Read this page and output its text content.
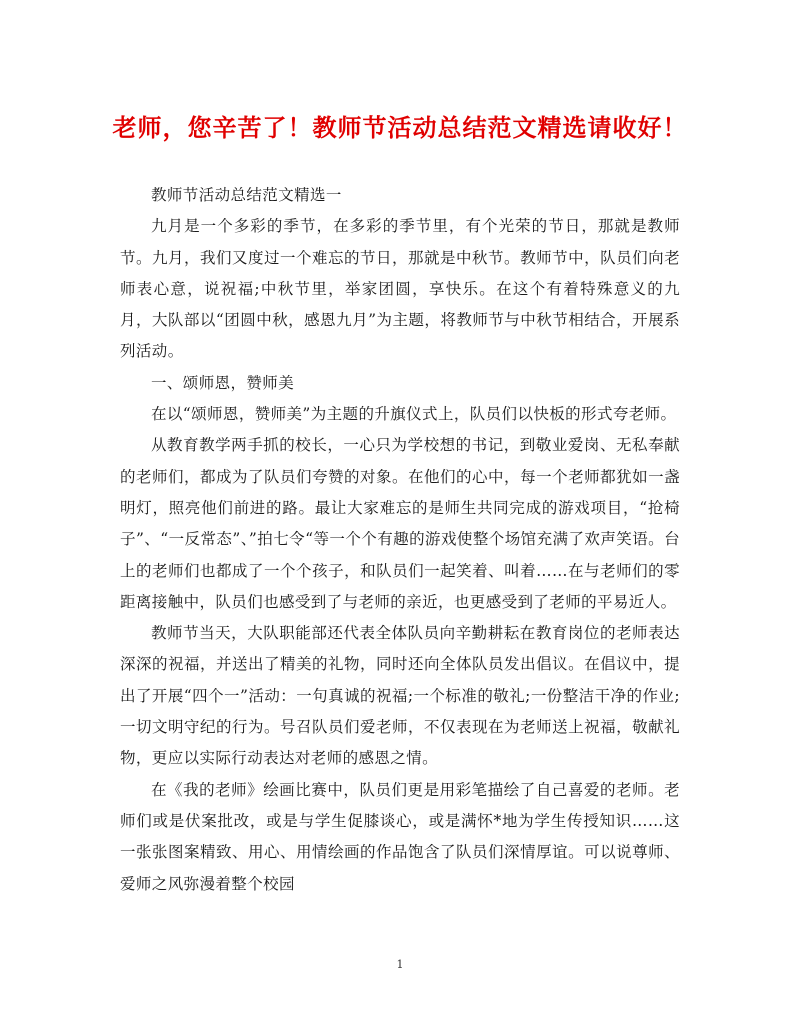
老师，您辛苦了！教师节活动总结范文精选请收好！

教师节活动总结范文精选一

九月是一个多彩的季节，在多彩的季节里，有个光荣的节日，那就是教师节。九月，我们又度过一个难忘的节日，那就是中秋节。教师节中，队员们向老师表心意，说祝福;中秋节里，举家团圆，享快乐。在这个有着特殊意义的九月，大队部以“团圆中秋，感恩九月”为主题，将教师节与中秋节相结合，开展系列活动。

一、颂师恩，赞师美

在以“颂师恩，赞师美”为主题的升旗仪式上，队员们以快板的形式夸老师。

从教育教学两手抓的校长，一心只为学校想的书记，到敬业爱岗、无私奉献的老师们，都成为了队员们夸赞的对象。在他们的心中，每一个老师都犹如一盏明灯，照亮他们前进的路。最让大家难忘的是师生共同完成的游戏项目，“抢椅子”、“一反常态”、”拍七令“等一个个有趣的游戏使整个场馆充满了欢声笑语。台上的老师们也都成了一个个孩子，和队员们一起笑着、叫着……在与老师们的零距离接触中，队员们也感受到了与老师的亲近，也更感受到了老师的平易近人。

教师节当天，大队职能部还代表全体队员向辛勤耕耘在教育岗位的老师表达深深的祝福，并送出了精美的礼物，同时还向全体队员发出倡议。在倡议中，提出了开展“四个一”活动：一句真诚的祝福;一个标准的敬礼;一份整洁干净的作业;一切文明守纪的行为。号召队员们爱老师，不仅表现在为老师送上祝福，敬献礼物，更应以实际行动表达对老师的感恩之情。

在《我的老师》绘画比赛中，队员们更是用彩笔描绘了自己喜爱的老师。老师们或是伏案批改，或是与学生促膝谈心，或是满怀*地为学生传授知识……这一张张图案精致、用心、用情绘画的作品饱含了队员们深情厚谊。可以说尊师、爱师之风弥漫着整个校园

1
